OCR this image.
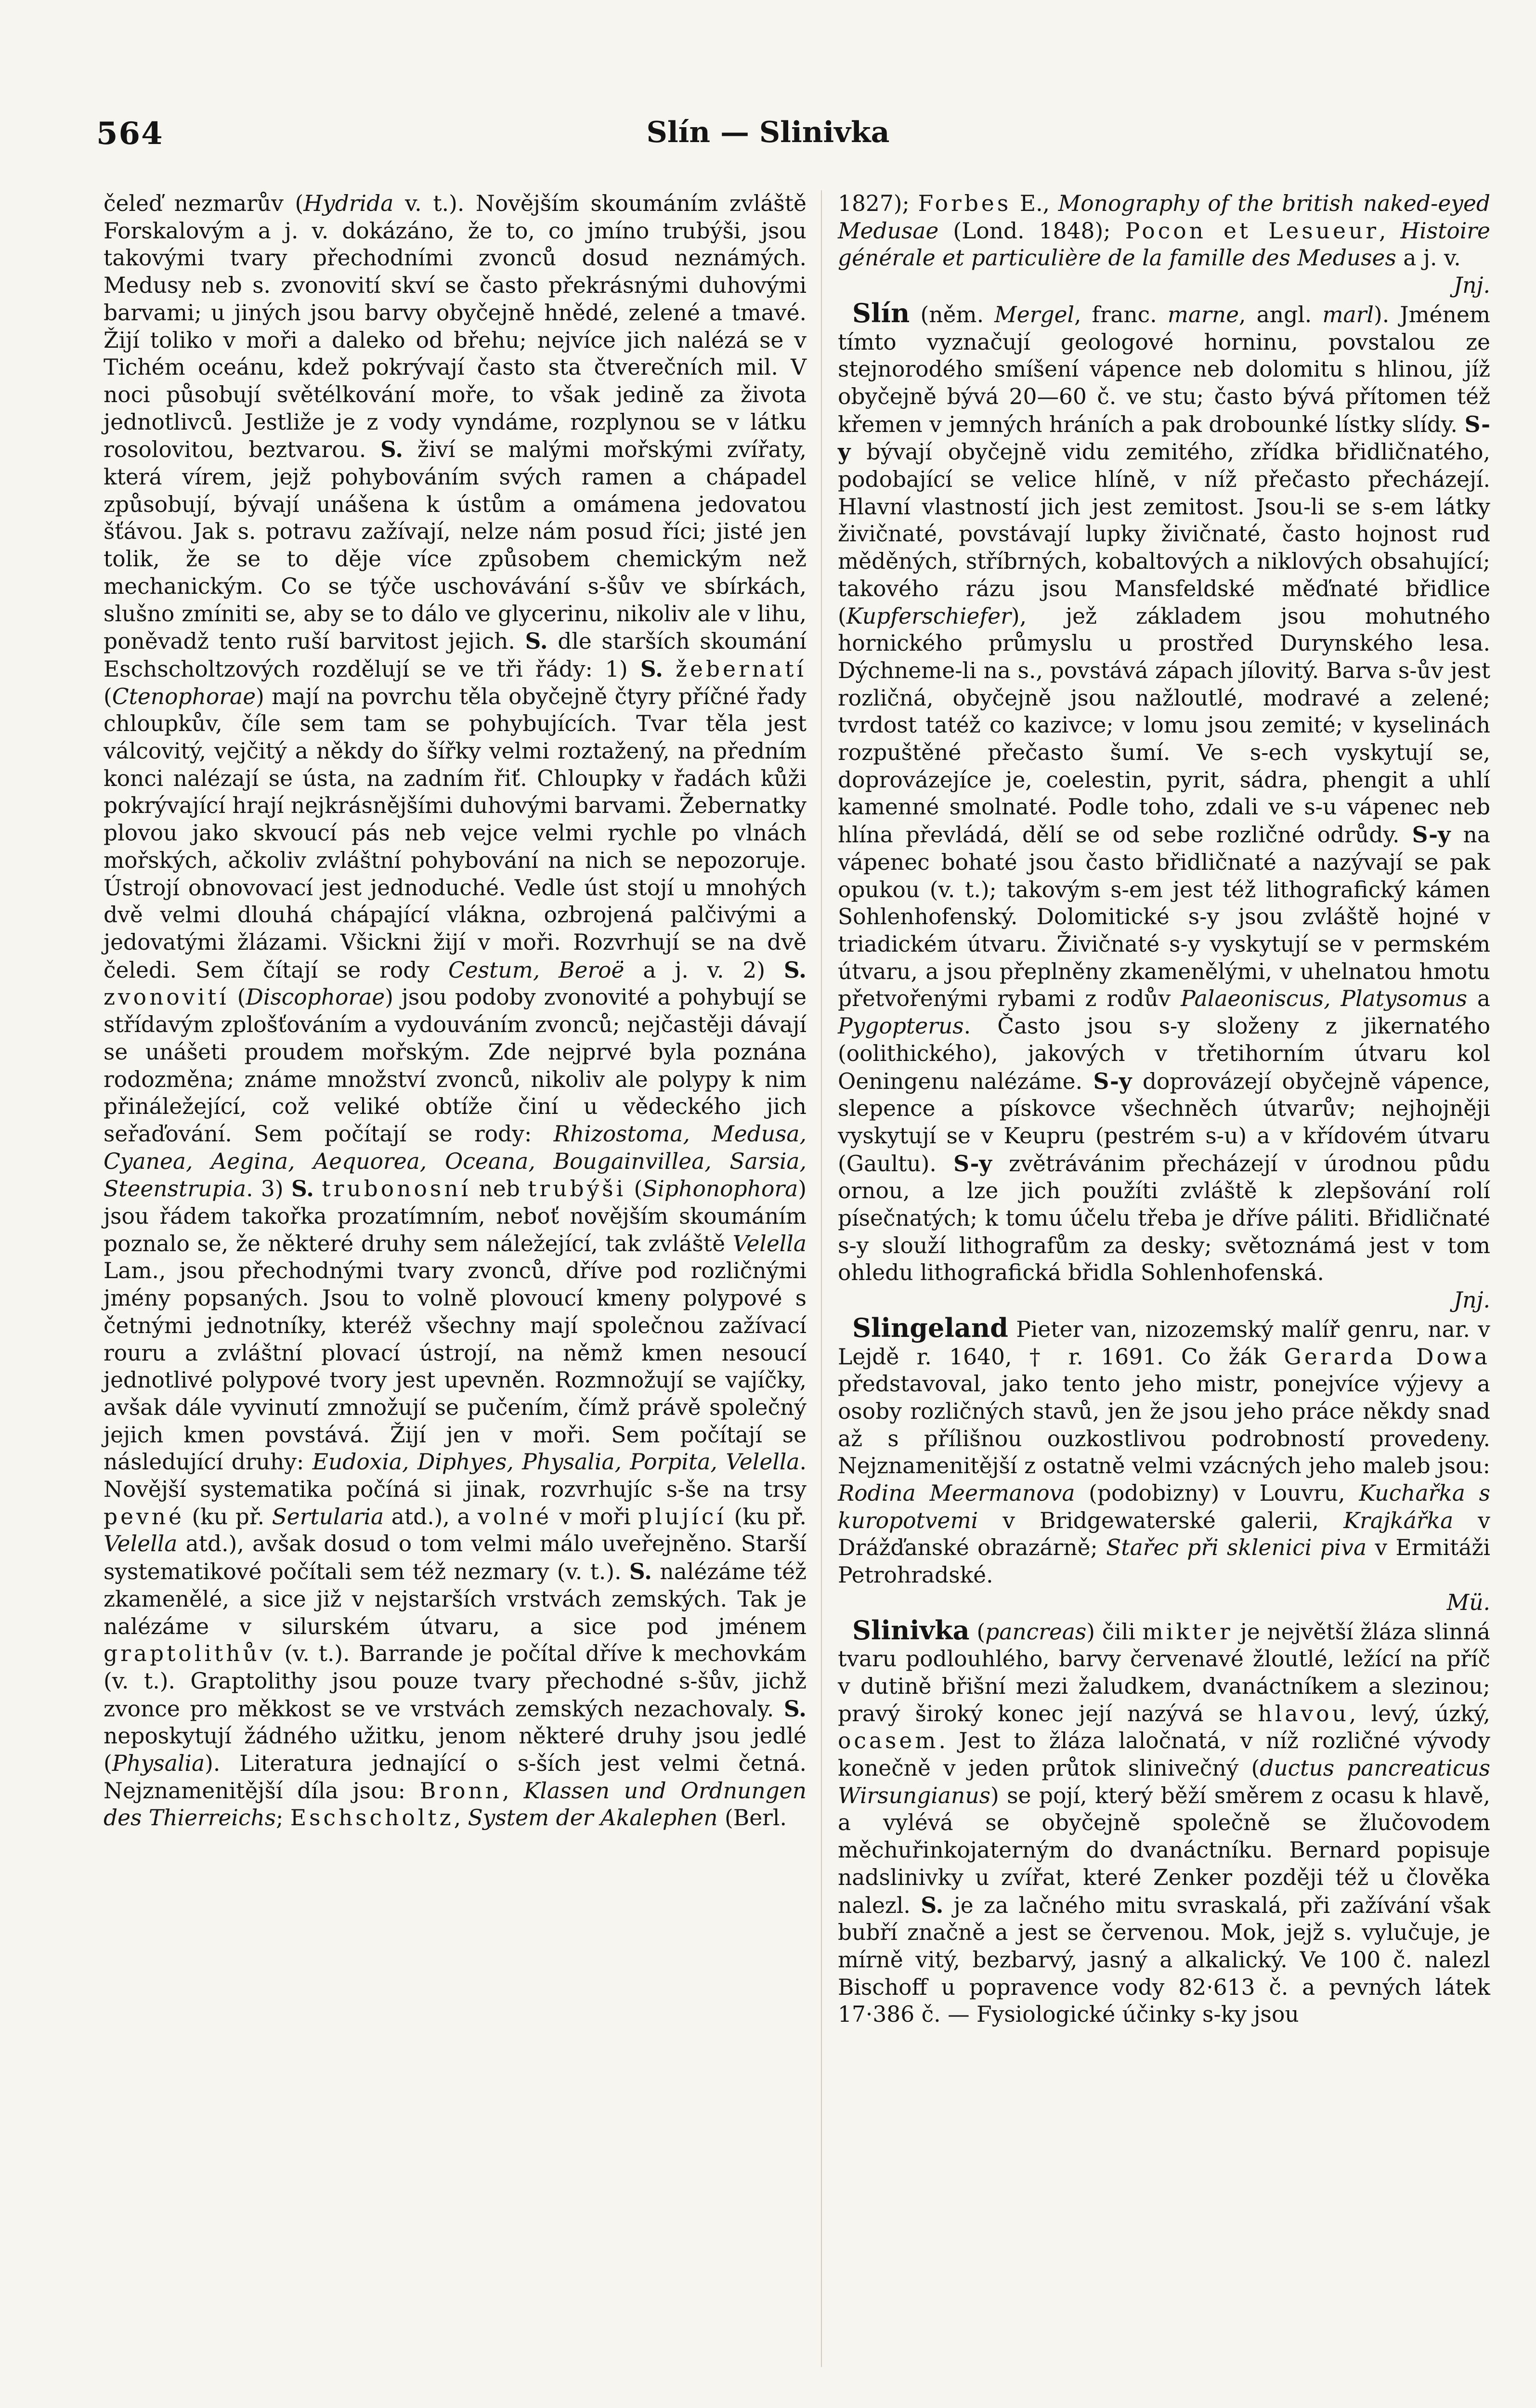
564	Slín — Slinivka

čeleď nezmarův (Hydrida v. t.). Novějším skoumáním zvláště Forskalovým a j. v. dokázáno, že to, co jmíno trubýši, jsou takovými tvary přechodními zvonců dosud neznámých. Medusy neb s. zvonovití skví se často překrásnými duhovými barvami; u jiných jsou barvy obyčejně hnědé, zelené a tmavé. Žijí toliko v moři a daleko od břehu; nejvíce jich nalézá se v Tichém oceánu, kdež pokrývají často sta čtverečních mil. V noci působují světélkování moře, to však jedině za života jednotlivců. Jestliže je z vody vyndáme, rozplynou se v látku rosolovitou, beztvarou. S. živí se malými mořskými zvířaty, která vírem, jejž pohybováním svých ramen a chápadel způsobují, bývají unášena k ústům a omámena jedovatou šťávou. Jak s. potravu zažívají, nelze nám posud říci; jisté jen tolik, že se to děje více způsobem chemickým než mechanickým. Co se týče uschovávání s-šův ve sbírkách, slušno zmíniti se, aby se to dálo ve glycerinu, nikoliv ale v lihu, poněvadž tento ruší barvitost jejich. S. dle starších skoumání Eschscholtzových rozdělují se ve tři řády: 1) S. žebernatí (Ctenophorae) mají na povrchu těla obyčejně čtyry příčné řady chloupkův, číle sem tam se pohybujících. Tvar těla jest válcovitý, vejčitý a někdy do šířky velmi roztažený, na předním konci nalézají se ústa, na zadním řiť. Chloupky v řadách kůži pokrývající hrají nejkrásnějšími duhovými barvami. Žebernatky plovou jako skvoucí pás neb vejce velmi rychle po vlnách mořských, ačkoliv zvláštní pohybování na nich se nepozoruje. Ústrojí obnovovací jest jednoduché. Vedle úst stojí u mnohých dvě velmi dlouhá chápající vlákna, ozbrojená palčivými a jedovatými žlázami. Všickni žijí v moři. Rozvrhují se na dvě čeledi. Sem čítají se rody Cestum, Beroë a j. v. 2) S. zvonovití (Discophorae) jsou podoby zvonovité a pohybují se střídavým zplošťováním a vydouváním zvonců; nejčastěji dávají se unášeti proudem mořským. Zde nejprvé byla poznána rodozměna; známe množství zvonců, nikoliv ale polypy k nim přináležející, což veliké obtíže činí u vědeckého jich seřaďování. Sem počítají se rody: Rhizostoma, Medusa, Cyanea, Aegina, Aequorea, Oceana, Bougainvillea, Sarsia, Steenstrupia. 3) S. trubonosní neb trubýši (Siphonophora) jsou řádem takořka prozatímním, neboť novějším skoumáním poznalo se, že některé druhy sem náležející, tak zvláště Velella Lam., jsou přechodnými tvary zvonců, dříve pod rozličnými jmény popsaných. Jsou to volně plovoucí kmeny polypové s četnými jednotníky, kteréž všechny mají společnou zažívací rouru a zvláštní plovací ústrojí, na němž kmen nesoucí jednotlivé polypové tvory jest upevněn. Rozmnožují se vajíčky, avšak dále vyvinutí zmnožují se pučením, čímž právě společný jejich kmen povstává. Žijí jen v moři. Sem počítají se následující druhy: Eudoxia, Diphyes, Physalia, Porpita, Velella. Novější systematika počíná si jinak, rozvrhujíc s-še na trsy pevné (ku př. Sertularia atd.), a volné v moři plující (ku př. Velella atd.), avšak dosud o tom velmi málo uveřejněno. Starší systematikové počítali sem též nezmary (v. t.). S. nalézáme též zkamenělé, a sice již v nejstarších vrstvách zemských. Tak je nalézáme v silurském útvaru, a sice pod jménem graptolithův (v. t.). Barrande je počítal dříve k mechovkám (v. t.). Graptolithy jsou pouze tvary přechodné s-šův, jichž zvonce pro měkkost se ve vrstvách zemských nezachovaly. S. neposkytují žádného užitku, jenom některé druhy jsou jedlé (Physalia). Literatura jednající o s-ších jest velmi četná. Nejznamenitější díla jsou: Bronn, Klassen und Ordnungen des Thierreichs; Eschscholtz, System der Akalephen (Berl.

1827); Forbes E., Monography of the british naked-eyed Medusae (Lond. 1848); Pocon et Lesueur, Histoire générale et particulière de la famille des Meduses a j. v.
Jnj.

Slín (něm. Mergel, franc. marne, angl. marl). Jménem tímto vyznačují geologové horninu, povstalou ze stejnorodého smíšení vápence neb dolomitu s hlinou, jíž obyčejně bývá 20—60 č. ve stu; často bývá přítomen též křemen v jemných hráních a pak drobounké lístky slídy. S-y bývají obyčejně vidu zemitého, zřídka břidličnatého, podobající se velice hlíně, v níž přečasto přecházejí. Hlavní vlastností jich jest zemitost. Jsou-li se s-em látky živičnaté, povstávají lupky živičnaté, často hojnost rud měděných, stříbrných, kobaltových a niklových obsahující; takového rázu jsou Mansfeldské měďnaté břidlice (Kupferschiefer), jež základem jsou mohutného hornického průmyslu u prostřed Durynského lesa. Dýchneme-li na s., povstává zápach jílovitý. Barva s-ův jest rozličná, obyčejně jsou nažloutlé, modravé a zelené; tvrdost tatéž co kazivce; v lomu jsou zemité; v kyselinách rozpuštěné přečasto šumí. Ve s-ech vyskytují se, doprovázejíce je, coelestin, pyrit, sádra, phengit a uhlí kamenné smolnaté. Podle toho, zdali ve s-u vápenec neb hlína převládá, dělí se od sebe rozličné odrůdy. S-y na vápenec bohaté jsou často břidličnaté a nazývají se pak opukou (v. t.); takovým s-em jest též lithografický kámen Sohlenhofenský. Dolomitické s-y jsou zvláště hojné v triadickém útvaru. Živičnaté s-y vyskytují se v permském útvaru, a jsou přeplněny zkamenělými, v uhelnatou hmotu přetvořenými rybami z rodův Palaeoniscus, Platysomus a Pygopterus. Často jsou s-y složeny z jikernatého (oolithického), jakových v třetihorním útvaru kol Oeningenu nalézáme. S-y doprovázejí obyčejně vápence, slepence a pískovce všechněch útvarův; nejhojněji vyskytují se v Keupru (pestrém s-u) a v křídovém útvaru (Gaultu). S-y zvětrávánim přecházejí v úrodnou půdu ornou, a lze jich použíti zvláště k zlepšování rolí písečnatých; k tomu účelu třeba je dříve páliti. Břidličnaté s-y slouží lithografům za desky; světoznámá jest v tom ohledu lithografická břidla Sohlenhofenská.
Jnj.

Slingeland Pieter van, nizozemský malíř genru, nar. v Lejdě r. 1640, † r. 1691. Co žák Gerarda Dowa představoval, jako tento jeho mistr, ponejvíce výjevy a osoby rozličných stavů, jen že jsou jeho práce někdy snad až s přílišnou ouzkostlivou podrobností provedeny. Nejznamenitější z ostatně velmi vzácných jeho maleb jsou: Rodina Meermanova (podobizny) v Louvru, Kuchařka s kuropotvemi v Bridgewaterské galerii, Krajkářka v Drážďanské obrazárně; Stařec při sklenici piva v Ermitáži Petrohradské.
Mü.

Slinivka (pancreas) čili mikter je největší žláza slinná tvaru podlouhlého, barvy červenavé žloutlé, ležící na příč v dutině břišní mezi žaludkem, dvanáctníkem a slezinou; pravý široký konec její nazývá se hlavou, levý, úzký, ocasem. Jest to žláza laločnatá, v níž rozličné vývody konečně v jeden průtok slinivečný (ductus pancreaticus Wirsungianus) se pojí, který běží směrem z ocasu k hlavě, a vylévá se obyčejně společně se žlučovodem měchuřinkojaterným do dvanáctníku. Bernard popisuje nadslinivky u zvířat, které Zenker později též u člověka nalezl. S. je za lačného mitu svraskalá, při zažívání však bubří značně a jest se červenou. Mok, jejž s. vylučuje, je mírně vitý, bezbarvý, jasný a alkalický. Ve 100 č. nalezl Bischoff u popravence vody 82·613 č. a pevných látek 17·386 č. — Fysiologické účinky s-ky jsou
